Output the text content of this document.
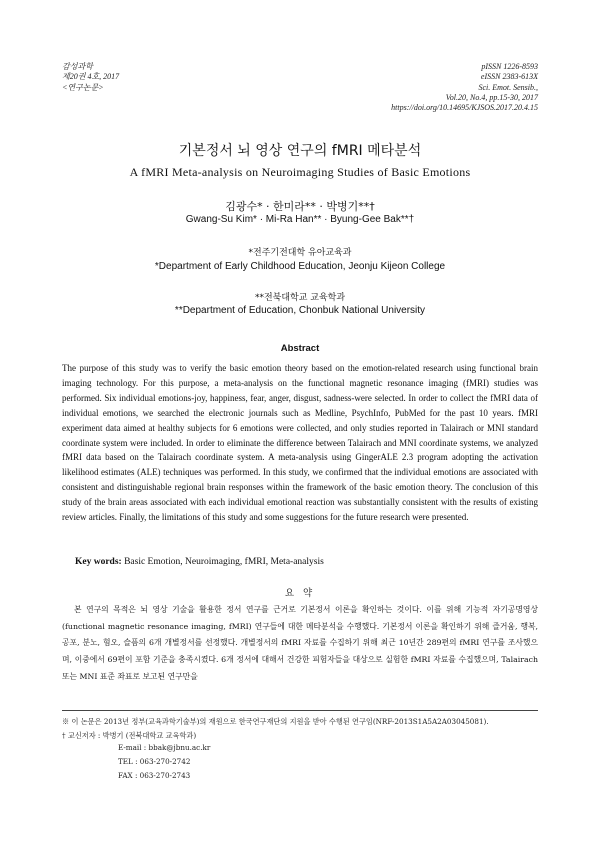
감성과학
제20권 4호, 2017
<연구논문>
pISSN 1226-8593
eISSN 2383-613X
Sci. Emot. Sensib.,
Vol.20, No.4, pp.15-30, 2017
https://doi.org/10.14695/KJSOS.2017.20.4.15
기본정서 뇌 영상 연구의 fMRI 메타분석
A fMRI Meta-analysis on Neuroimaging Studies of Basic Emotions
김광수* · 한미라** · 박병기**†
Gwang-Su Kim* · Mi-Ra Han** · Byung-Gee Bak**†
*전주기전대학 유아교육과
*Department of Early Childhood Education, Jeonju Kijeon College
**전북대학교 교육학과
**Department of Education, Chonbuk National University
Abstract

The purpose of this study was to verify the basic emotion theory based on the emotion-related research using functional brain imaging technology. For this purpose, a meta-analysis on the functional magnetic resonance imaging (fMRI) studies was performed. Six individual emotions-joy, happiness, fear, anger, disgust, sadness-were selected. In order to collect the fMRI data of individual emotions, we searched the electronic journals such as Medline, PsychInfo, PubMed for the past 10 years. fMRI experiment data aimed at healthy subjects for 6 emotions were collected, and only studies reported in Talairach or MNI standard coordinate system were included. In order to eliminate the difference between Talairach and MNI coordinate systems, we analyzed fMRI data based on the Talairach coordinate system. A meta-analysis using GingerALE 2.3 program adopting the activation likelihood estimates (ALE) techniques was performed. In this study, we confirmed that the individual emotions are associated with consistent and distinguishable regional brain responses within the framework of the basic emotion theory. The conclusion of this study of the brain areas associated with each individual emotional reaction was substantially consistent with the results of existing review articles. Finally, the limitations of this study and some suggestions for the future research were presented.

Key words: Basic Emotion, Neuroimaging, fMRI, Meta-analysis
요 약

본 연구의 목적은 뇌 영상 기술을 활용한 정서 연구를 근거로 기본정서 이론을 확인하는 것이다. 이를 위해 기능적 자기공명영상(functional magnetic resonance imaging, fMRI) 연구들에 대한 메타분석을 수행했다. 기본정서 이론을 확인하기 위해 즐거움, 행복, 공포, 분노, 혐오, 슬픔의 6개 개별정서를 선정했다. 개별정서의 fMRI 자료를 수집하기 위해 최근 10년간 289편의 fMRI 연구를 조사했으며, 이중에서 69편이 포함 기준을 충족시켰다. 6개 정서에 대해서 건강한 피험자들을 대상으로 실험한 fMRI 자료를 수집했으며, Talairach 또는 MNI 표준 좌표로 보고된 연구만을

※ 이 논문은 2013년 정부(교육과학기술부)의 재원으로 한국연구재단의 지원을 받아 수행된 연구임(NRF-2013S1A5A2A03045081).
† 교신저자 : 박병기 (전북대학교 교육학과)
E-mail : bbak@jbnu.ac.kr
TEL : 063-270-2742
FAX : 063-270-2743
